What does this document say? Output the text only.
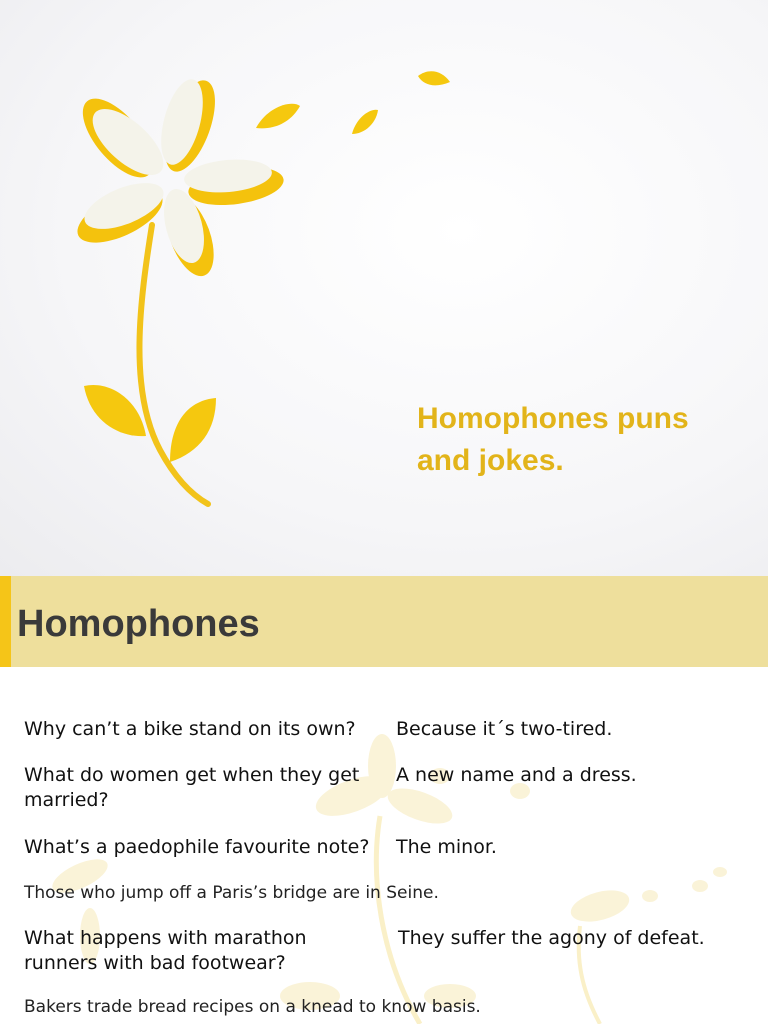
Homophones puns
and jokes.
Homophones
Why can’t a bike stand on its own? Because it´s two-tired.
What do women get when they get
married?
A new name and a dress.
What’s a paedophile favourite note? The minor.
Those who jump off a Paris’s bridge are in Seine.
What happens with marathon
runners with bad footwear?
They suffer the agony of defeat.
Bakers trade bread recipes on a knead to know basis.
